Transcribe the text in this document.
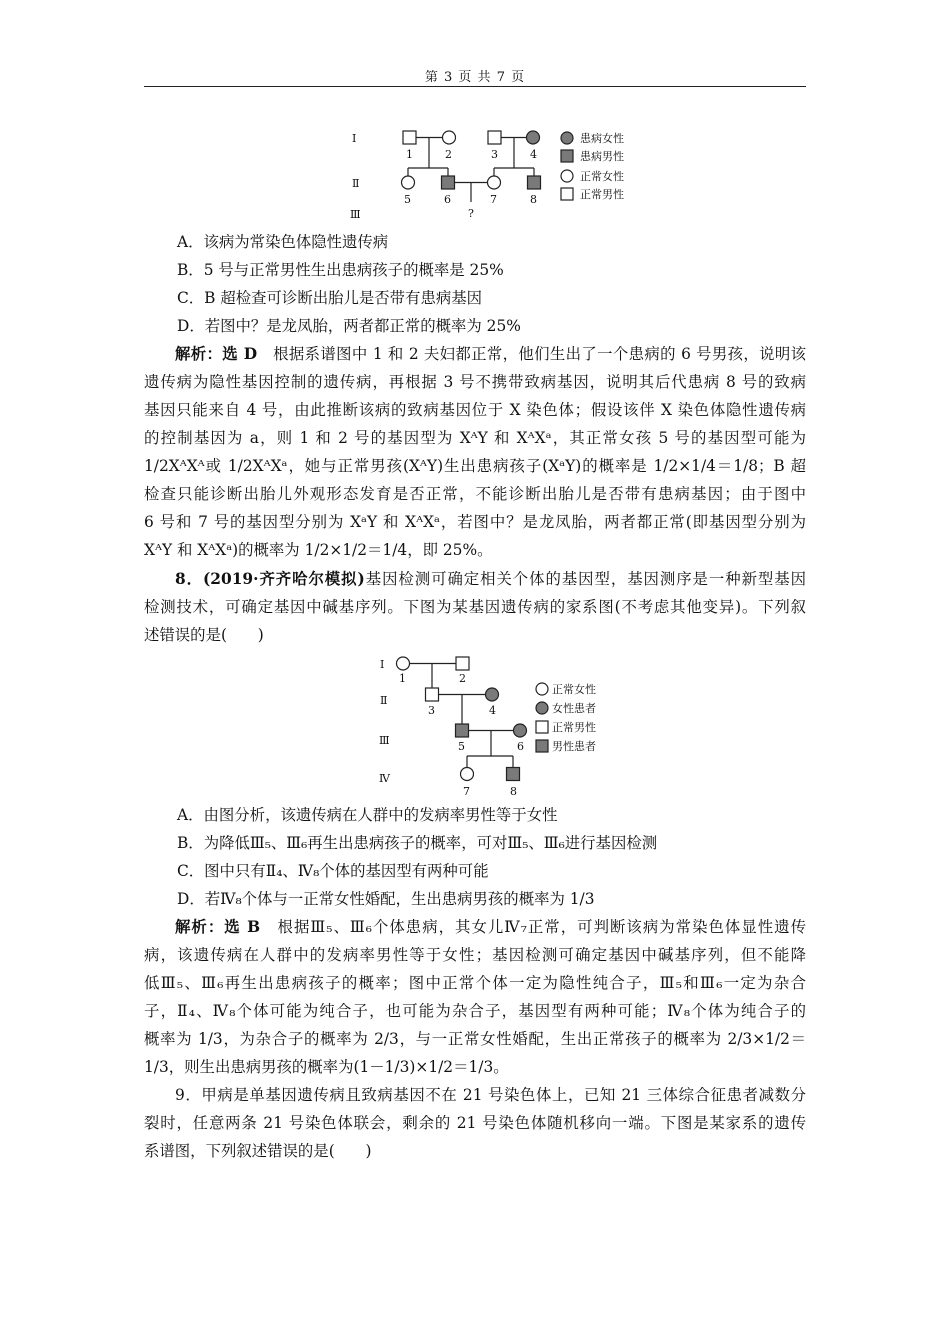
第 3 页 共 7 页
Ⅰ
Ⅱ
Ⅲ
1	2	3	4
5	6	7	8
?
患病女性
患病男性
正常女性
正常男性
A．该病为常染色体隐性遗传病
B．5 号与正常男性生出患病孩子的概率是 25%
C．B 超检查可诊断出胎儿是否带有患病基因
D．若图中？是龙凤胎，两者都正常的概率为 25%
解析：选 D　 根据系谱图中 1 和 2 夫妇都正常，他们生出了一个患病的 6 号男孩，说明该
遗传病为隐性基因控制的遗传病，再根据 3 号不携带致病基因，说明其后代患病 8 号的致病
基因只能来自 4 号，由此推断该病的致病基因位于 X 染色体；假设该伴 X 染色体隐性遗传病
的控制基因为 a，则 1 和 2 号的基因型为 XᴬY 和 XᴬXᵃ，其正常女孩 5 号的基因型可能为
1/2XᴬXᴬ或 1/2XᴬXᵃ，她与正常男孩(XᴬY)生出患病孩子(XᵃY)的概率是 1/2×1/4＝1/8；B 超
检查只能诊断出胎儿外观形态发育是否正常，不能诊断出胎儿是否带有患病基因；由于图中
6 号和 7 号的基因型分别为 XᵃY 和 XᴬXᵃ，若图中？是龙凤胎，两者都正常(即基因型分别为
XᴬY 和 XᴬXᵃ)的概率为 1/2×1/2＝1/4，即 25%。
8．(2019·齐齐哈尔模拟)基因检测可确定相关个体的基因型，基因测序是一种新型基因
检测技术，可确定基因中碱基序列。下图为某基因遗传病的家系图(不考虑其他变异)。下列叙
述错误的是(　　)
Ⅰ
Ⅱ
Ⅲ
Ⅳ
1	2
3	4
5	6
7	8
正常女性
女性患者
正常男性
男性患者
A．由图分析，该遗传病在人群中的发病率男性等于女性
B．为降低Ⅲ₅、Ⅲ₆再生出患病孩子的概率，可对Ⅲ₅、Ⅲ₆进行基因检测
C．图中只有Ⅱ₄、Ⅳ₈个体的基因型有两种可能
D．若Ⅳ₈个体与一正常女性婚配，生出患病男孩的概率为 1/3
解析：选 B　 根据Ⅲ₅、Ⅲ₆个体患病，其女儿Ⅳ₇正常，可判断该病为常染色体显性遗传
病，该遗传病在人群中的发病率男性等于女性；基因检测可确定基因中碱基序列，但不能降
低Ⅲ₅、Ⅲ₆再生出患病孩子的概率；图中正常个体一定为隐性纯合子，Ⅲ₅和Ⅲ₆一定为杂合
子，Ⅱ₄、Ⅳ₈个体可能为纯合子，也可能为杂合子，基因型有两种可能；Ⅳ₈个体为纯合子的
概率为 1/3，为杂合子的概率为 2/3，与一正常女性婚配，生出正常孩子的概率为 2/3×1/2＝
1/3，则生出患病男孩的概率为(1－1/3)×1/2＝1/3。
9．甲病是单基因遗传病且致病基因不在 21 号染色体上，已知 21 三体综合征患者减数分
裂时，任意两条 21 号染色体联会，剩余的 21 号染色体随机移向一端。下图是某家系的遗传
系谱图，下列叙述错误的是(　　)
